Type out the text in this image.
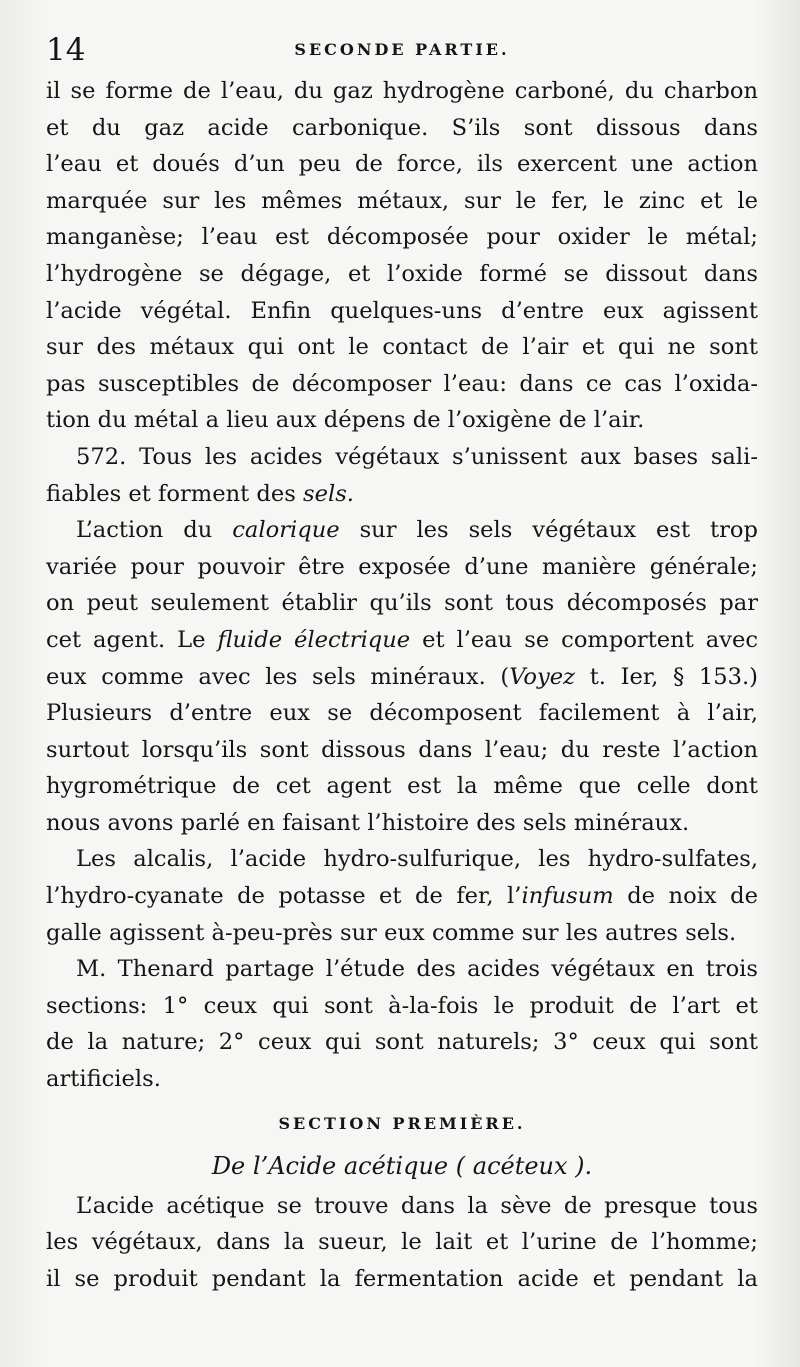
14	SECONDE PARTIE.
il se forme de l’eau, du gaz hydrogène carboné, du charbon
et du gaz acide carbonique. S’ils sont dissous dans
l’eau et doués d’un peu de force, ils exercent une action
marquée sur les mêmes métaux, sur le fer, le zinc et le
manganèse; l’eau est décomposée pour oxider le métal;
l’hydrogène se dégage, et l’oxide formé se dissout dans
l’acide végétal. Enfin quelques-uns d’entre eux agissent
sur des métaux qui ont le contact de l’air et qui ne sont
pas susceptibles de décomposer l’eau: dans ce cas l’oxida-
tion du métal a lieu aux dépens de l’oxigène de l’air.
572. Tous les acides végétaux s’unissent aux bases sali-
fiables et forment des sels.
L’action du calorique sur les sels végétaux est trop
variée pour pouvoir être exposée d’une manière générale;
on peut seulement établir qu’ils sont tous décomposés par
cet agent. Le fluide électrique et l’eau se comportent avec
eux comme avec les sels minéraux. (Voyez t. Ier, § 153.)
Plusieurs d’entre eux se décomposent facilement à l’air,
surtout lorsqu’ils sont dissous dans l’eau; du reste l’action
hygrométrique de cet agent est la même que celle dont
nous avons parlé en faisant l’histoire des sels minéraux.
Les alcalis, l’acide hydro-sulfurique, les hydro-sulfates,
l’hydro-cyanate de potasse et de fer, l’infusum de noix de
galle agissent à-peu-près sur eux comme sur les autres sels.
M. Thenard partage l’étude des acides végétaux en trois
sections: 1° ceux qui sont à-la-fois le produit de l’art et
de la nature; 2° ceux qui sont naturels; 3° ceux qui sont
artificiels.
SECTION PREMIÈRE.
De l’Acide acétique ( acéteux ).
L’acide acétique se trouve dans la sève de presque tous
les végétaux, dans la sueur, le lait et l’urine de l’homme;
il se produit pendant la fermentation acide et pendant la
